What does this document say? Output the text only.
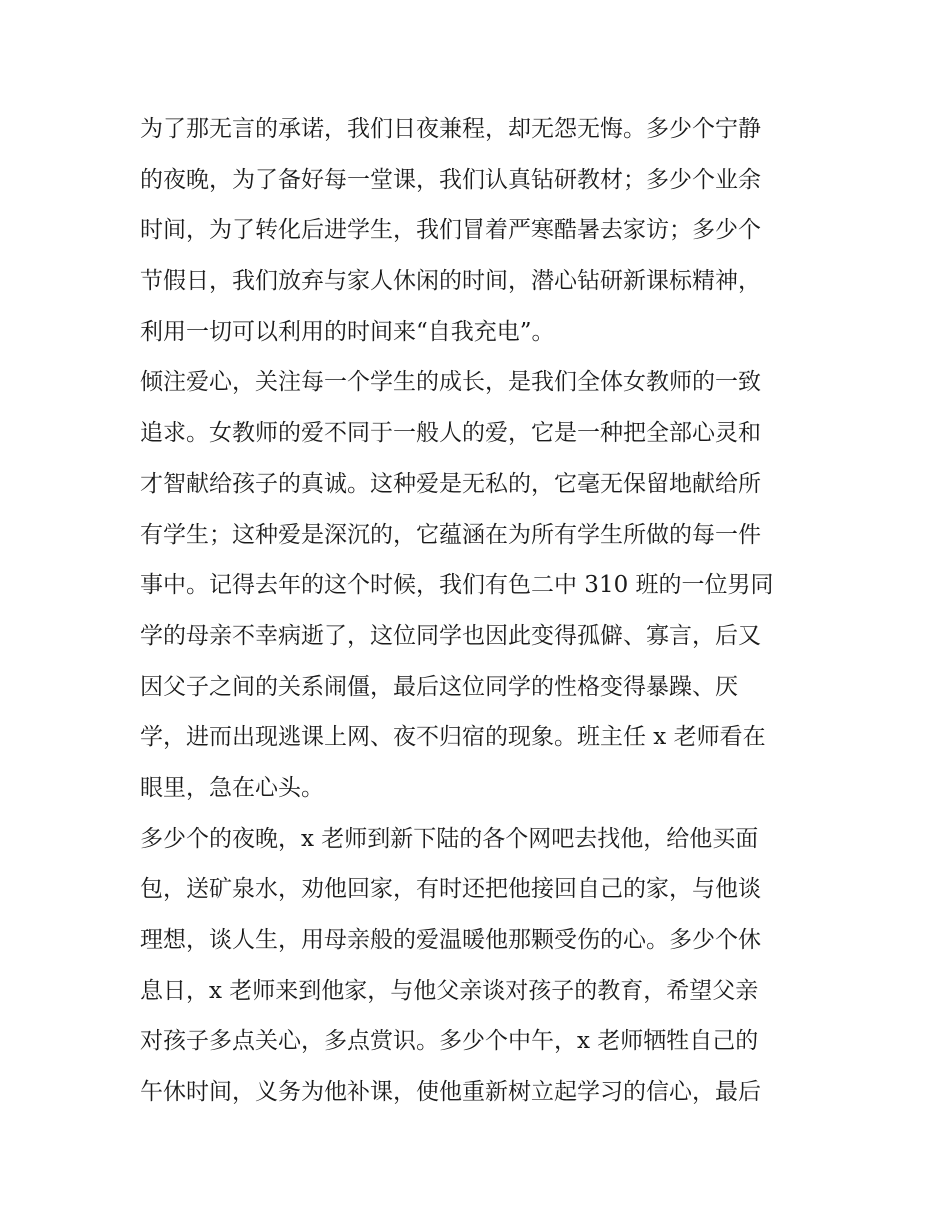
为了那无言的承诺，我们日夜兼程，却无怨无悔。多少个宁静
的夜晚，为了备好每一堂课，我们认真钻研教材；多少个业余
时间，为了转化后进学生，我们冒着严寒酷暑去家访；多少个
节假日，我们放弃与家人休闲的时间，潜心钻研新课标精神，
利用一切可以利用的时间来“自我充电”。
倾注爱心，关注每一个学生的成长，是我们全体女教师的一致
追求。女教师的爱不同于一般人的爱，它是一种把全部心灵和
才智献给孩子的真诚。这种爱是无私的，它毫无保留地献给所
有学生；这种爱是深沉的，它蕴涵在为所有学生所做的每一件
事中。记得去年的这个时候，我们有色二中 310 班的一位男同
学的母亲不幸病逝了，这位同学也因此变得孤僻、寡言，后又
因父子之间的关系闹僵，最后这位同学的性格变得暴躁、厌
学，进而出现逃课上网、夜不归宿的现象。班主任 x 老师看在
眼里，急在心头。
多少个的夜晚，x 老师到新下陆的各个网吧去找他，给他买面
包，送矿泉水，劝他回家，有时还把他接回自己的家，与他谈
理想，谈人生，用母亲般的爱温暖他那颗受伤的心。多少个休
息日，x 老师来到他家，与他父亲谈对孩子的教育，希望父亲
对孩子多点关心，多点赏识。多少个中午，x 老师牺牲自己的
午休时间，义务为他补课，使他重新树立起学习的信心，最后
